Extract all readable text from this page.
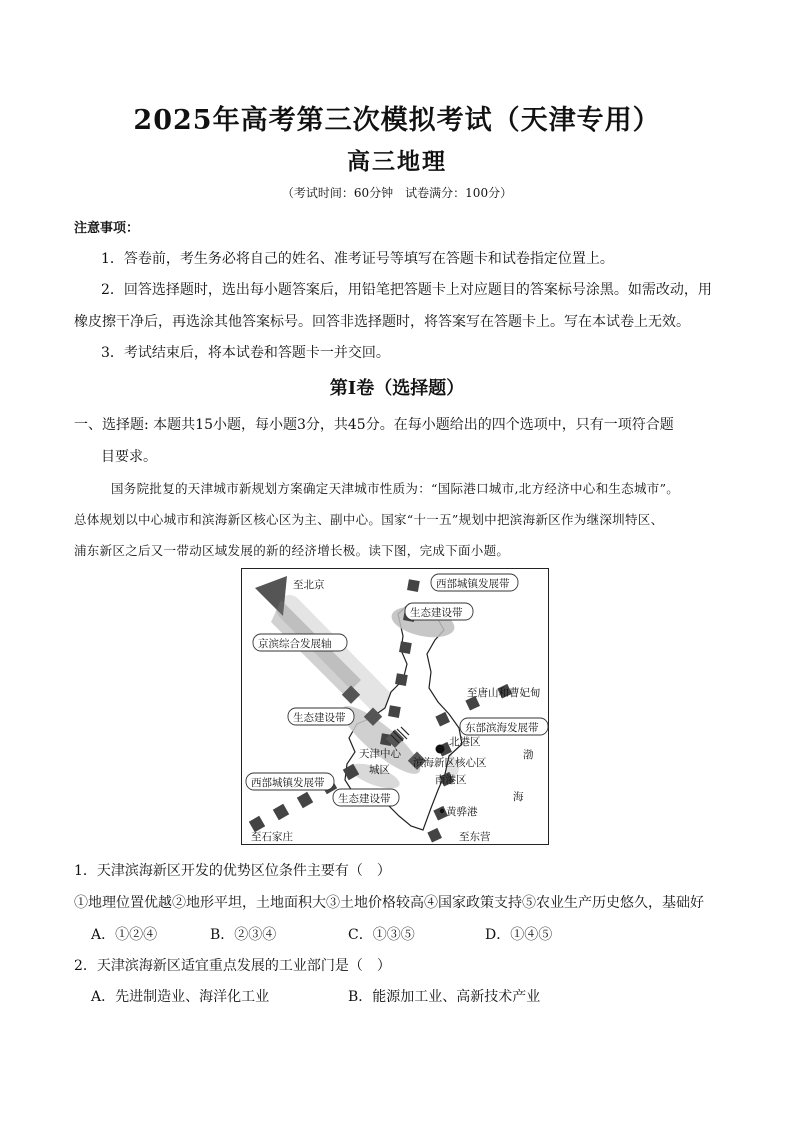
2025年高考第三次模拟考试（天津专用）
高三地理
（考试时间：60分钟　试卷满分：100分）
注意事项：
1．答卷前，考生务必将自己的姓名、准考证号等填写在答题卡和试卷指定位置上。
2．回答选择题时，选出每小题答案后，用铅笔把答题卡上对应题目的答案标号涂黑。如需改动，用
橡皮擦干净后，再选涂其他答案标号。回答非选择题时，将答案写在答题卡上。写在本试卷上无效。
3．考试结束后，将本试卷和答题卡一并交回。
第Ⅰ卷（选择题）
一、选择题: 本题共15小题，每小题3分，共45分。在每小题给出的四个选项中，只有一项符合题
目要求。
国务院批复的天津城市新规划方案确定天津城市性质为：“国际港口城市,北方经济中心和生态城市”。
总体规划以中心城市和滨海新区核心区为主、副中心。国家“十一五”规划中把滨海新区作为继深圳特区、
浦东新区之后又一带动区域发展的新的经济增长极。读下图，完成下面小题。
至北京	西部城镇发展带
生态建设带
京滨综合发展轴
至唐山和曹妃甸
生态建设带
东部滨海发展带
天津中心
城区
北港区
滨海新区核心区
渤
海
南港区
西部城镇发展带
生态建设带
黄骅港
至石家庄	至东营
1．天津滨海新区开发的优势区位条件主要有（　）
①地理位置优越②地形平坦，土地面积大③土地价格较高④国家政策支持⑤农业生产历史悠久，基础好
A．①②④	B．②③④	C．①③⑤	D．①④⑤
2．天津滨海新区适宜重点发展的工业部门是（　）
A．先进制造业、海洋化工业	B．能源加工业、高新技术产业
